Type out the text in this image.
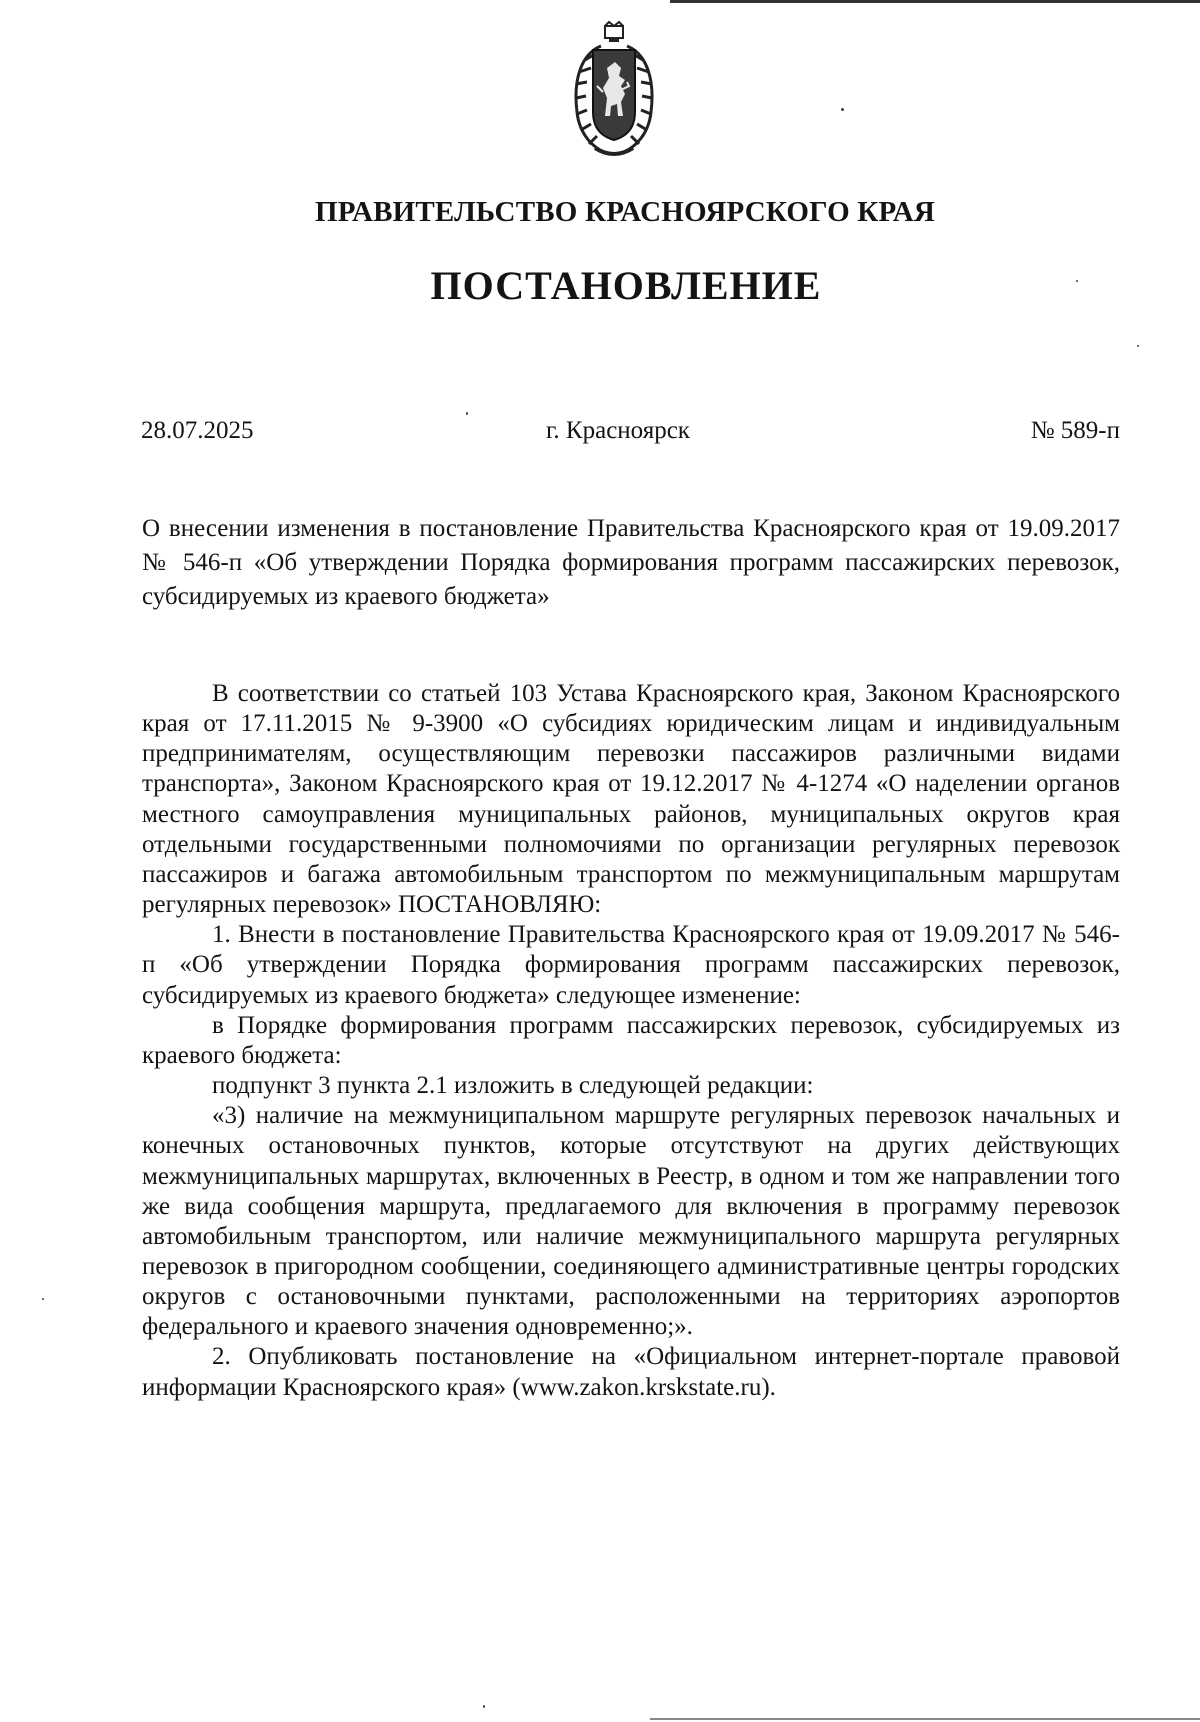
ПРАВИТЕЛЬСТВО КРАСНОЯРСКОГО КРАЯ
ПОСТАНОВЛЕНИЕ
28.07.2025	г. Красноярск	№ 589-п
О внесении изменения в постановление Правительства Красноярского края от 19.09.2017 № 546-п «Об утверждении Порядка формирования программ пассажирских перевозок, субсидируемых из краевого бюджета»

В соответствии со статьей 103 Устава Красноярского края, Законом Красноярского края от 17.11.2015 № 9-3900 «О субсидиях юридическим лицам и индивидуальным предпринимателям, осуществляющим перевозки пассажиров различными видами транспорта», Законом Красноярского края от 19.12.2017 № 4-1274 «О наделении органов местного самоуправления муниципальных районов, муниципальных округов края отдельными государственными полномочиями по организации регулярных перевозок пассажиров и багажа автомобильным транспортом по межмуниципальным маршрутам регулярных перевозок» ПОСТАНОВЛЯЮ:

1. Внести в постановление Правительства Красноярского края от 19.09.2017 № 546-п «Об утверждении Порядка формирования программ пассажирских перевозок, субсидируемых из краевого бюджета» следующее изменение:

в Порядке формирования программ пассажирских перевозок, субсидируемых из краевого бюджета:

подпункт 3 пункта 2.1 изложить в следующей редакции:

«3) наличие на межмуниципальном маршруте регулярных перевозок начальных и конечных остановочных пунктов, которые отсутствуют на других действующих межмуниципальных маршрутах, включенных в Реестр, в одном и том же направлении того же вида сообщения маршрута, предлагаемого для включения в программу перевозок автомобильным транспортом, или наличие межмуниципального маршрута регулярных перевозок в пригородном сообщении, соединяющего административные центры городских округов с остановочными пунктами, расположенными на территориях аэропортов федерального и краевого значения одновременно;».

2. Опубликовать постановление на «Официальном интернет-портале правовой информации Красноярского края» (www.zakon.krskstate.ru).
